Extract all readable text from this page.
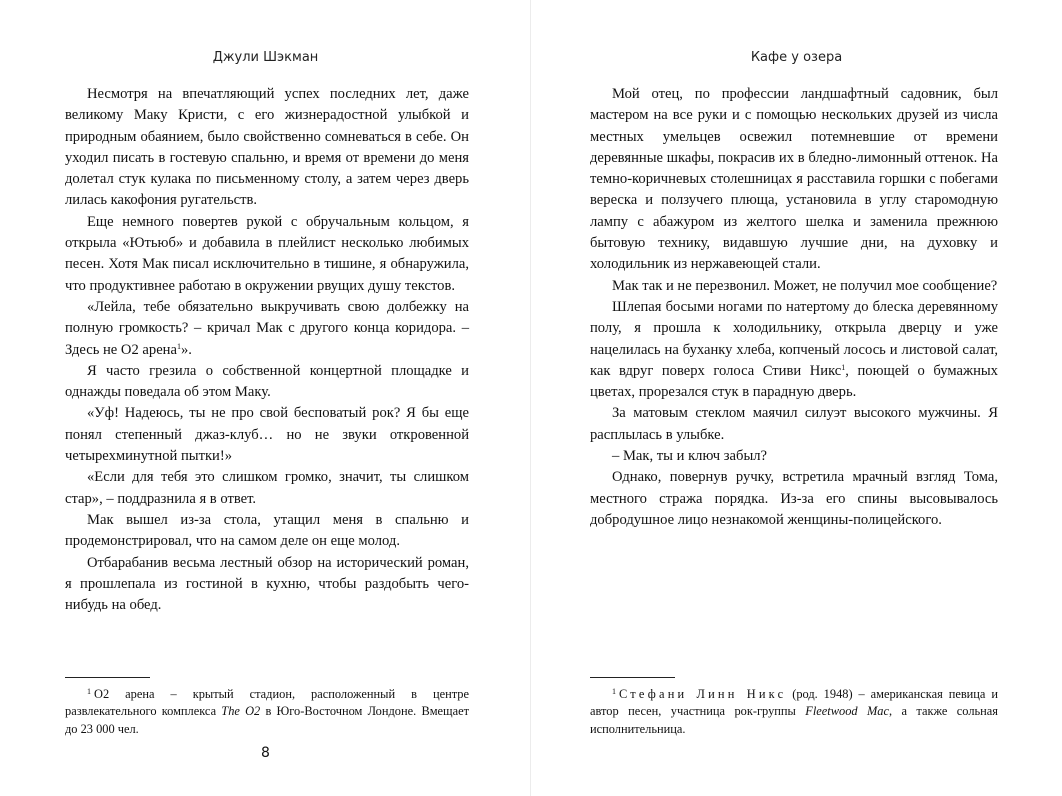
Джули Шэкман

Несмотря на впечатляющий успех последних лет, даже великому Маку Кристи, с его жизнерадостной улыбкой и природным обаянием, было свойственно сомневаться в себе. Он уходил писать в гостевую спальню, и время от времени до меня долетал стук кулака по письменному столу, а затем через дверь лилась какофония ругательств.

Еще немного повертев рукой с обручальным кольцом, я открыла «Ютьюб» и добавила в плейлист несколько любимых песен. Хотя Мак писал исключительно в тишине, я обнаружила, что продуктивнее работаю в окружении рвущих душу текстов.

«Лейла, тебе обязательно выкручивать свою долбежку на полную громкость? – кричал Мак с другого конца коридора. – Здесь не O2 арена$^1$».

Я часто грезила о собственной концертной площадке и однажды поведала об этом Маку.

«Уф! Надеюсь, ты не про свой бесповатый рок? Я бы еще понял степенный джаз-клуб… но не звуки откровенной четырехминутной пытки!»

«Если для тебя это слишком громко, значит, ты слишком стар», – поддразнила я в ответ.

Мак вышел из-за стола, утащил меня в спальню и продемонстрировал, что на самом деле он еще молод.

Отбарабанив весьма лестный обзор на исторический роман, я прошлепала из гостиной в кухню, чтобы раздобыть чего-нибудь на обед.

$^1$ O2 арена – крытый стадион, расположенный в центре развлекательного комплекса The O2 в Юго-Восточном Лондоне. Вмещает до 23 000 чел.

8
Кафе у озера

Мой отец, по профессии ландшафтный садовник, был мастером на все руки и с помощью нескольких друзей из числа местных умельцев освежил потемневшие от времени деревянные шкафы, покрасив их в бледно-лимонный оттенок. На темно-коричневых столешницах я расставила горшки с побегами вереска и ползучего плюща, установила в углу старомодную лампу с абажуром из желтого шелка и заменила прежнюю бытовую технику, видавшую лучшие дни, на духовку и холодильник из нержавеющей стали.

Мак так и не перезвонил. Может, не получил мое сообщение?

Шлепая босыми ногами по натертому до блеска деревянному полу, я прошла к холодильнику, открыла дверцу и уже нацелилась на буханку хлеба, копченый лосось и листовой салат, как вдруг поверх голоса Стиви Никс$^1$, поющей о бумажных цветах, прорезался стук в парадную дверь.

За матовым стеклом маячил силуэт высокого мужчины. Я расплылась в улыбке.

– Мак, ты и ключ забыл?

Однако, повернув ручку, встретила мрачный взгляд Тома, местного стража порядка. Из-за его спины высовывалось добродушное лицо незнакомой женщины-полицейского.

$^1$ Стефани Линн Никс (род. 1948) – американская певица и автор песен, участница рок-группы Fleetwood Mac, а также сольная исполнительница.
